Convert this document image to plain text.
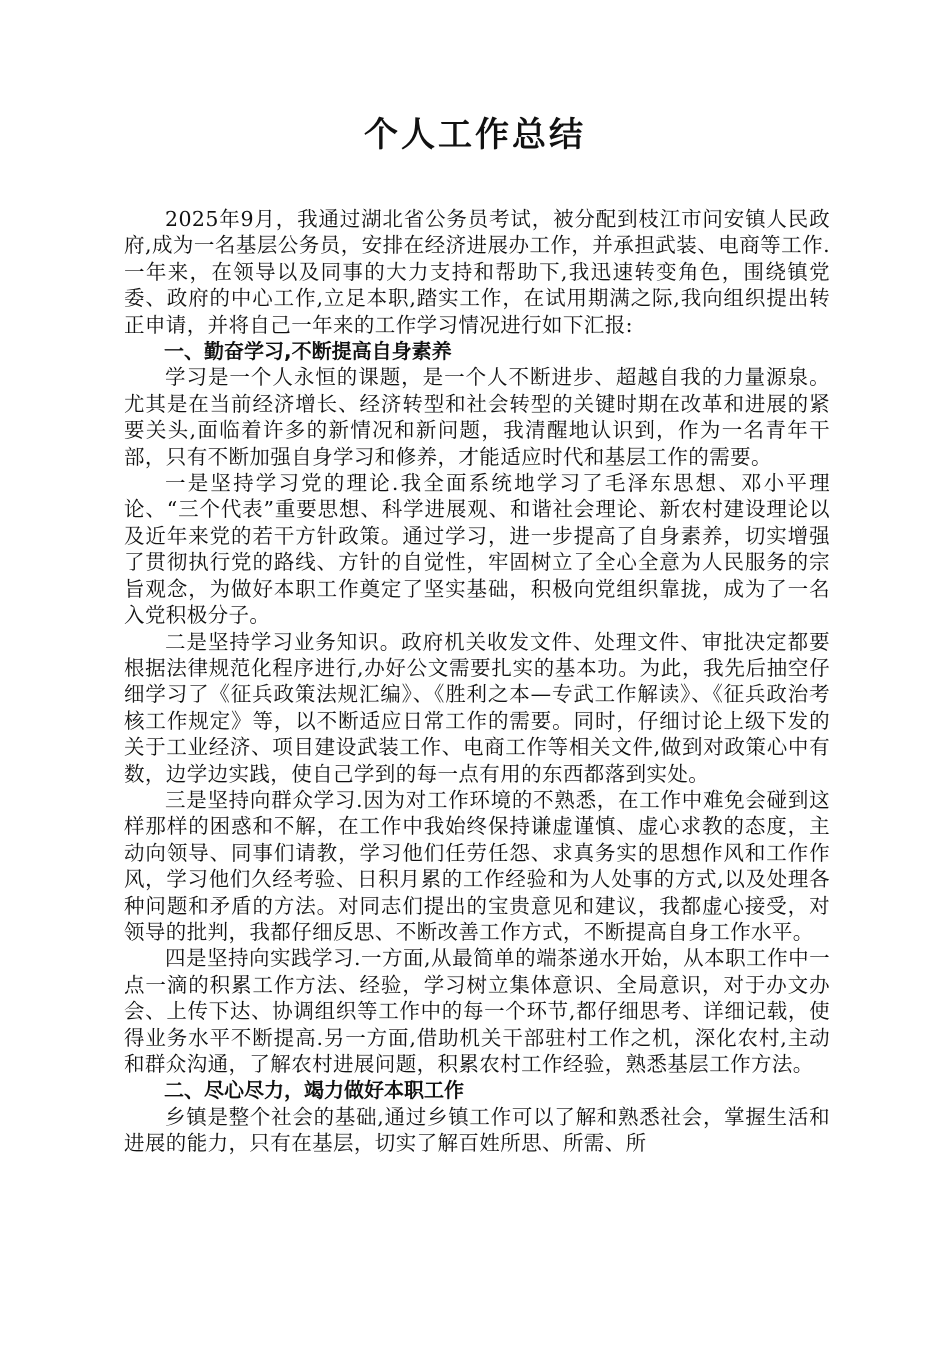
个人工作总结

2025年9月，我通过湖北省公务员考试，被分配到枝江市问安镇人民政府,成为一名基层公务员，安排在经济进展办工作，并承担武装、电商等工作.一年来，在领导以及同事的大力支持和帮助下,我迅速转变角色，围绕镇党委、政府的中心工作,立足本职,踏实工作，在试用期满之际,我向组织提出转正申请，并将自己一年来的工作学习情况进行如下汇报:

一、勤奋学习,不断提高自身素养

学习是一个人永恒的课题，是一个人不断进步、超越自我的力量源泉。尤其是在当前经济增长、经济转型和社会转型的关键时期在改革和进展的紧要关头,面临着许多的新情况和新问题，我清醒地认识到，作为一名青年干部，只有不断加强自身学习和修养，才能适应时代和基层工作的需要。

一是坚持学习党的理论.我全面系统地学习了毛泽东思想、邓小平理论、“三个代表”重要思想、科学进展观、和谐社会理论、新农村建设理论以及近年来党的若干方针政策。通过学习，进一步提高了自身素养，切实增强了贯彻执行党的路线、方针的自觉性，牢固树立了全心全意为人民服务的宗旨观念，为做好本职工作奠定了坚实基础，积极向党组织靠拢，成为了一名入党积极分子。

二是坚持学习业务知识。政府机关收发文件、处理文件、审批决定都要根据法律规范化程序进行,办好公文需要扎实的基本功。为此，我先后抽空仔细学习了《征兵政策法规汇编》、《胜利之本—专武工作解读》、《征兵政治考核工作规定》等，以不断适应日常工作的需要。同时，仔细讨论上级下发的关于工业经济、项目建设武装工作、电商工作等相关文件,做到对政策心中有数，边学边实践，使自己学到的每一点有用的东西都落到实处。

三是坚持向群众学习.因为对工作环境的不熟悉，在工作中难免会碰到这样那样的困惑和不解，在工作中我始终保持谦虚谨慎、虚心求教的态度，主动向领导、同事们请教，学习他们任劳任怨、求真务实的思想作风和工作作风，学习他们久经考验、日积月累的工作经验和为人处事的方式,以及处理各种问题和矛盾的方法。对同志们提出的宝贵意见和建议，我都虚心接受，对领导的批判，我都仔细反思、不断改善工作方式，不断提高自身工作水平。

四是坚持向实践学习.一方面,从最简单的端茶递水开始，从本职工作中一点一滴的积累工作方法、经验，学习树立集体意识、全局意识，对于办文办会、上传下达、协调组织等工作中的每一个环节,都仔细思考、详细记载，使得业务水平不断提高.另一方面,借助机关干部驻村工作之机，深化农村,主动和群众沟通，了解农村进展问题，积累农村工作经验，熟悉基层工作方法。

二、尽心尽力，竭力做好本职工作

乡镇是整个社会的基础,通过乡镇工作可以了解和熟悉社会，掌握生活和进展的能力，只有在基层，切实了解百姓所思、所需、所
